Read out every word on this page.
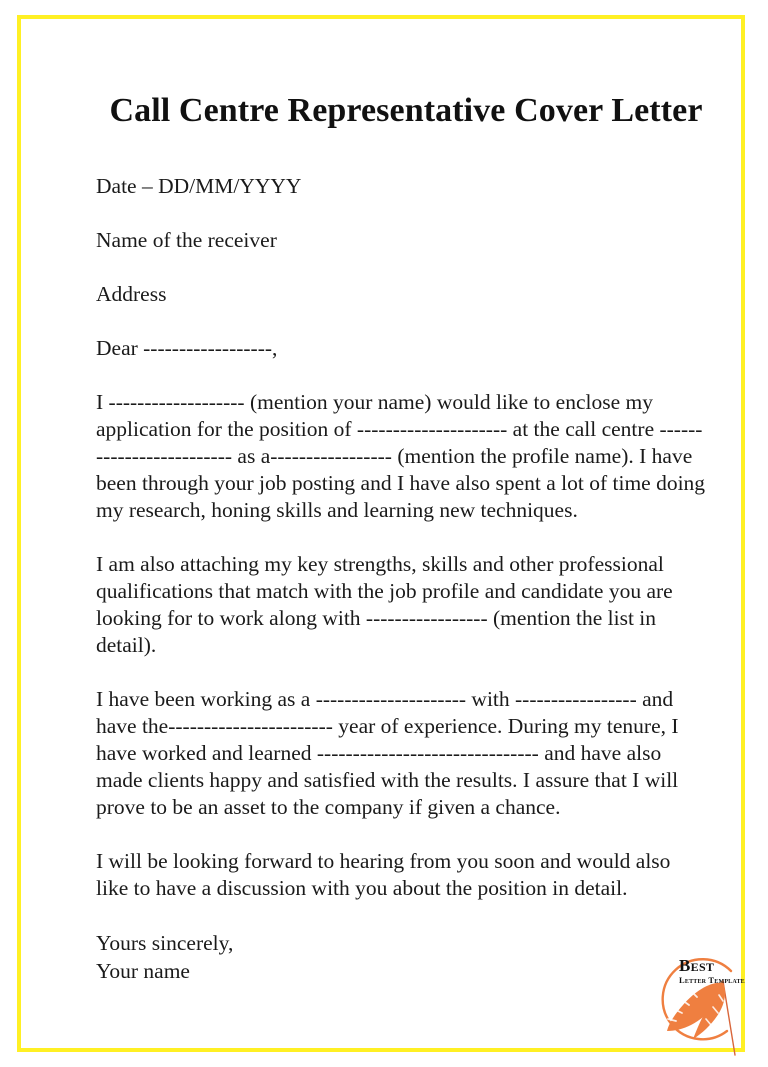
Call Centre Representative Cover Letter
Date – DD/MM/YYYY
Name of the receiver
Address
Dear ------------------,

I ------------------- (mention your name) would like to enclose my application for the position of --------------------- at the call centre ------------------------- as a----------------- (mention the profile name). I have been through your job posting and I have also spent a lot of time doing my research, honing skills and learning new techniques.

I am also attaching my key strengths, skills and other professional qualifications that match with the job profile and candidate you are looking for to work along with ----------------- (mention the list in detail).

I have been working as a --------------------- with ----------------- and have the----------------------- year of experience. During my tenure, I have worked and learned ------------------------------- and have also made clients happy and satisfied with the results. I assure that I will prove to be an asset to the company if given a chance.

I will be looking forward to hearing from you soon and would also like to have a discussion with you about the position in detail.

Yours sincerely,
Your name	Best
Letter Template
